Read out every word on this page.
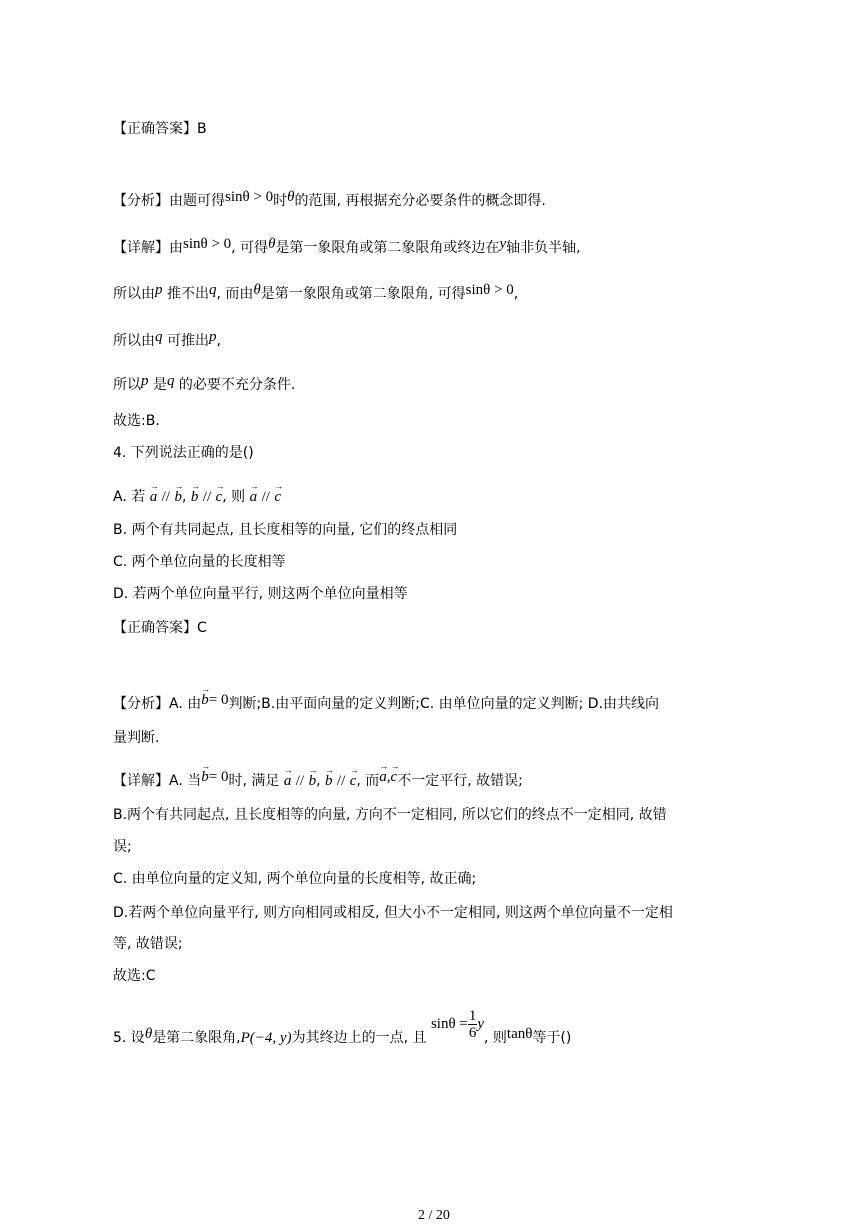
【正确答案】B
【分析】由题可得sinθ > 0时θ的范围, 再根据充分必要条件的概念即得.
【详解】由sinθ > 0, 可得θ是第一象限角或第二象限角或终边在y轴非负半轴,
所以由p 推不出q, 而由θ是第一象限角或第二象限角, 可得sinθ > 0,
所以由q 可推出p,
所以p 是q 的必要不充分条件.
故选:B.
4. 下列说法正确的是()
A. 若 → a // → b, → b // → c, 则 → a // → c
B. 两个有共同起点, 且长度相等的向量, 它们的终点相同
C. 两个单位向量的长度相等
D. 若两个单位向量平行, 则这两个单位向量相等
【正确答案】C
【分析】A. 由→ b= 0判断;B.由平面向量的定义判断;C. 由单位向量的定义判断; D.由共线向
量判断.
【详解】A. 当→ b= 0时, 满足 → a // → b, → b // → c, 而→ a,→ c不一定平行, 故错误;
B.两个有共同起点, 且长度相等的向量, 方向不一定相同, 所以它们的终点不一定相同, 故错
误;
C. 由单位向量的定义知, 两个单位向量的长度相等, 故正确;
D.若两个单位向量平行, 则方向相同或相反, 但大小不一定相同, 则这两个单位向量不一定相
等, 故错误;
故选:C
5. 设θ是第二象限角,P(−4, y)为其终边上的一点, 且 $\sin\theta = \frac{1}{6} y$, 则tanθ等于()
2 / 20
